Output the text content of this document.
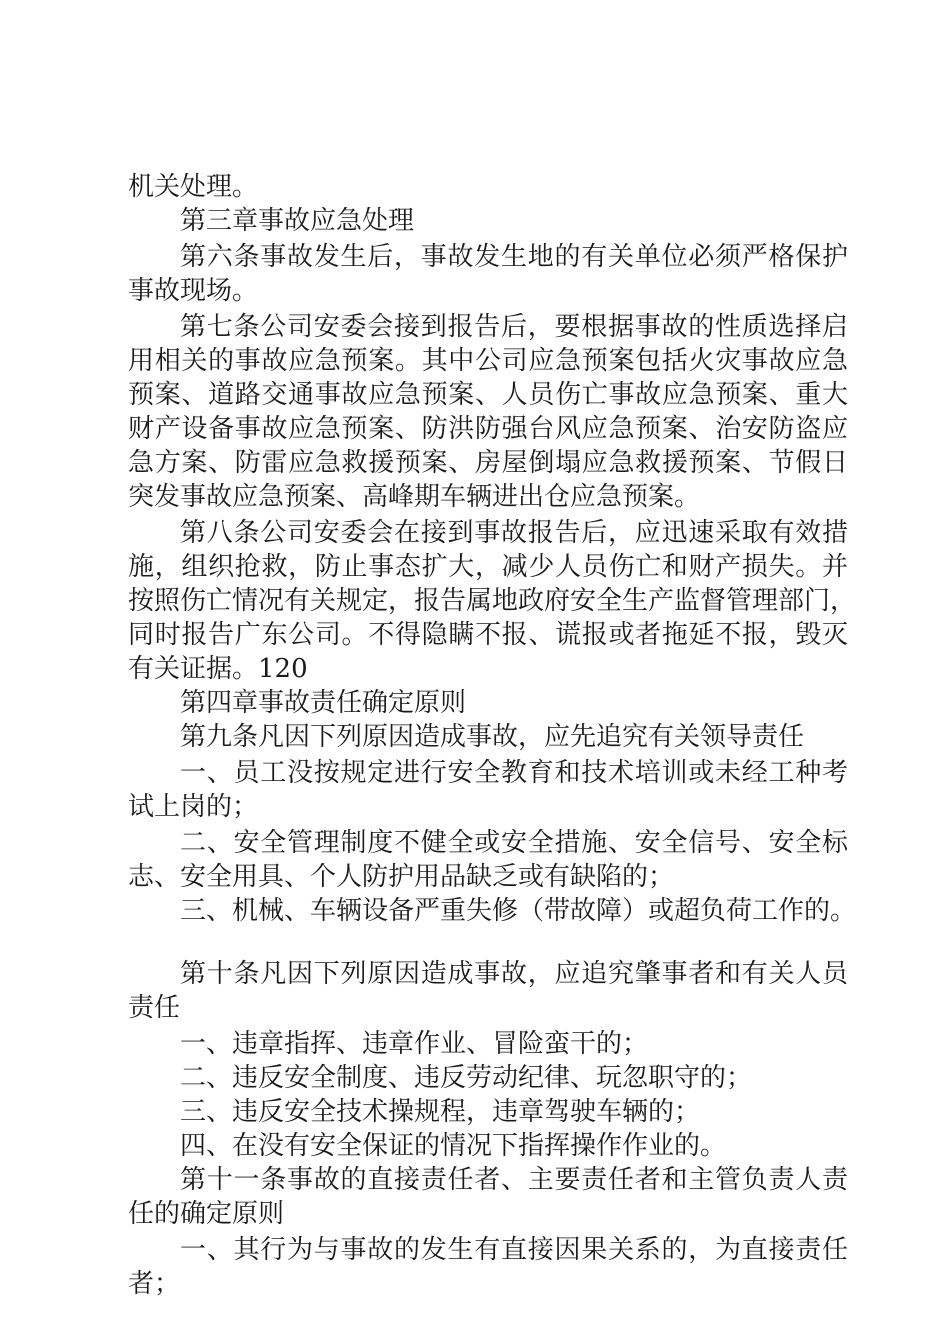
机关处理。

第三章事故应急处理

第六条事故发生后，事故发生地的有关单位必须严格保护

事故现场。

第七条公司安委会接到报告后，要根据事故的性质选择启

用相关的事故应急预案。其中公司应急预案包括火灾事故应急

预案、道路交通事故应急预案、人员伤亡事故应急预案、重大

财产设备事故应急预案、防洪防强台风应急预案、治安防盗应

急方案、防雷应急救援预案、房屋倒塌应急救援预案、节假日

突发事故应急预案、高峰期车辆进出仓应急预案。

第八条公司安委会在接到事故报告后，应迅速采取有效措

施，组织抢救，防止事态扩大，减少人员伤亡和财产损失。并

按照伤亡情况有关规定，报告属地政府安全生产监督管理部门，

同时报告广东公司。不得隐瞒不报、谎报或者拖延不报，毁灭

有关证据。120

第四章事故责任确定原则

第九条凡因下列原因造成事故，应先追究有关领导责任

一、员工没按规定进行安全教育和技术培训或未经工种考

试上岗的；

二、安全管理制度不健全或安全措施、安全信号、安全标

志、安全用具、个人防护用品缺乏或有缺陷的；

三、机械、车辆设备严重失修（带故障）或超负荷工作的。

第十条凡因下列原因造成事故，应追究肇事者和有关人员

责任

一、违章指挥、违章作业、冒险蛮干的；

二、违反安全制度、违反劳动纪律、玩忽职守的；

三、违反安全技术操规程，违章驾驶车辆的；

四、在没有安全保证的情况下指挥操作作业的。

第十一条事故的直接责任者、主要责任者和主管负责人责

任的确定原则

一、其行为与事故的发生有直接因果关系的，为直接责任

者；
